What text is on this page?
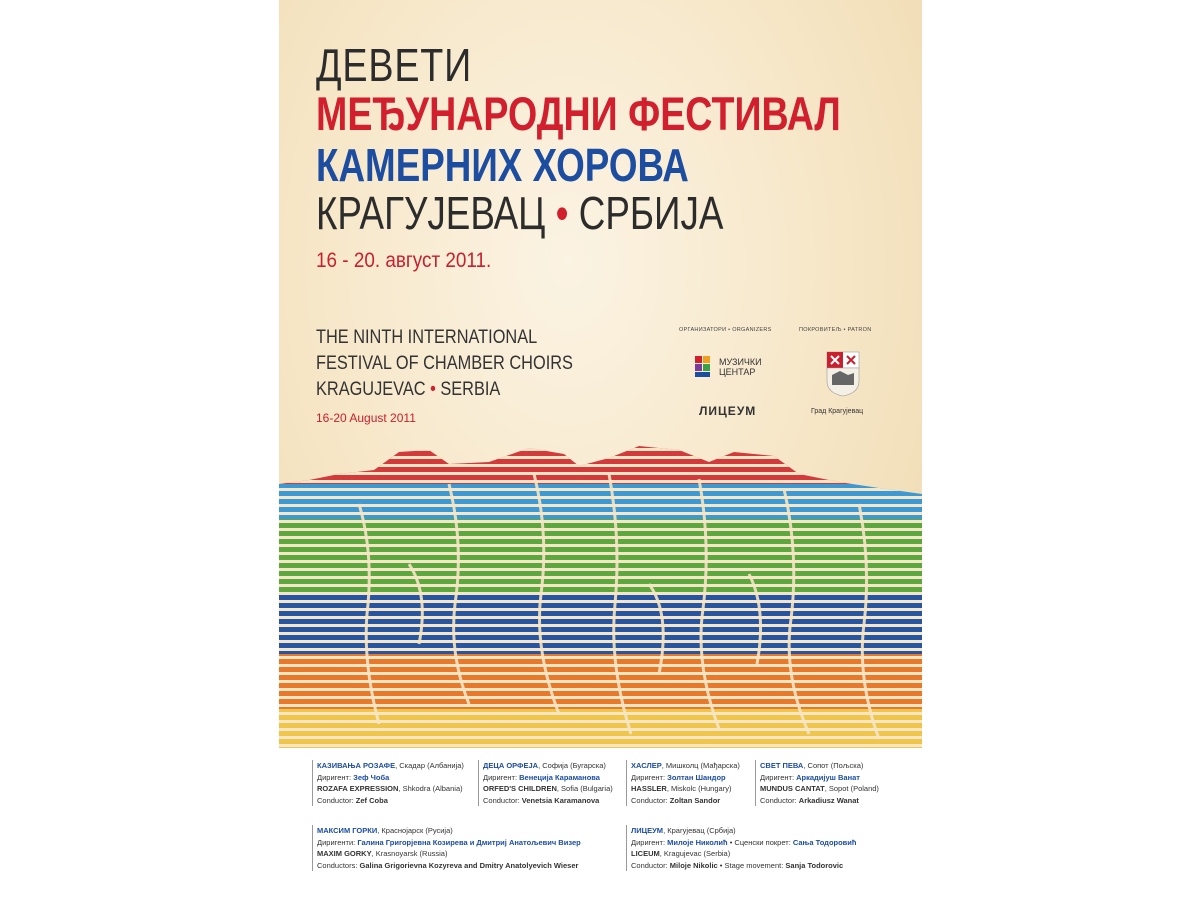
ДЕВЕТИ
МЕЂУНАРОДНИ ФЕСТИВАЛ
КАМЕРНИХ ХОРОВА
КРАГУЈЕВАЦ • СРБИЈА
16 - 20. август 2011.
THE NINTH INTERNATIONAL
FESTIVAL OF CHAMBER CHOIRS
KRAGUJEVAC • SERBIA
16-20 August 2011
ОРГАНИЗАТОРИ • ORGANIZERS	ПОКРОВИТЕЉ • PATRON
МУЗИЧКИ
ЦЕНТАР
ЛИЦЕУМ	Град Крагујевац
КАЗИВАЊА РОЗАФЕ, Скадар (Албанија)
Диригент: Зеф Чоба
ROZAFA EXPRESSION, Shkodra (Albania)
Conductor: Zef Coba
ДЕЦА ОРФЕЈА, Софија (Бугарска)
Диригент: Венеција Караманова
ORFED'S CHILDREN, Sofia (Bulgaria)
Conductor: Venetsia Karamanova
ХАСЛЕР, Мишколц (Мађарска)
Диригент: Золтан Шандор
HASSLER, Miskolc (Hungary)
Conductor: Zoltan Sandor
СВЕТ ПЕВА, Сопот (Пољска)
Диригент: Аркадијуш Ванат
MUNDUS CANTAT, Sopot (Poland)
Conductor: Arkadiusz Wanat
МАКСИМ ГОРКИ, Краснојарск (Русија)
Диригенти: Галина Григорјевна Козирева и Дмитриј Анатољевич Визер
MAXIM GORKY, Krasnoyarsk (Russia)
Conductors: Galina Grigorievna Kozyreva and Dmitry Anatolyevich Wieser
ЛИЦЕУМ, Крагујевац (Србија)
Диригент: Милоје Николић • Сценски покрет: Сања Тодоровић
LICEUM, Kragujevac (Serbia)
Conductor: Miloje Nikolic • Stage movement: Sanja Todorovic
